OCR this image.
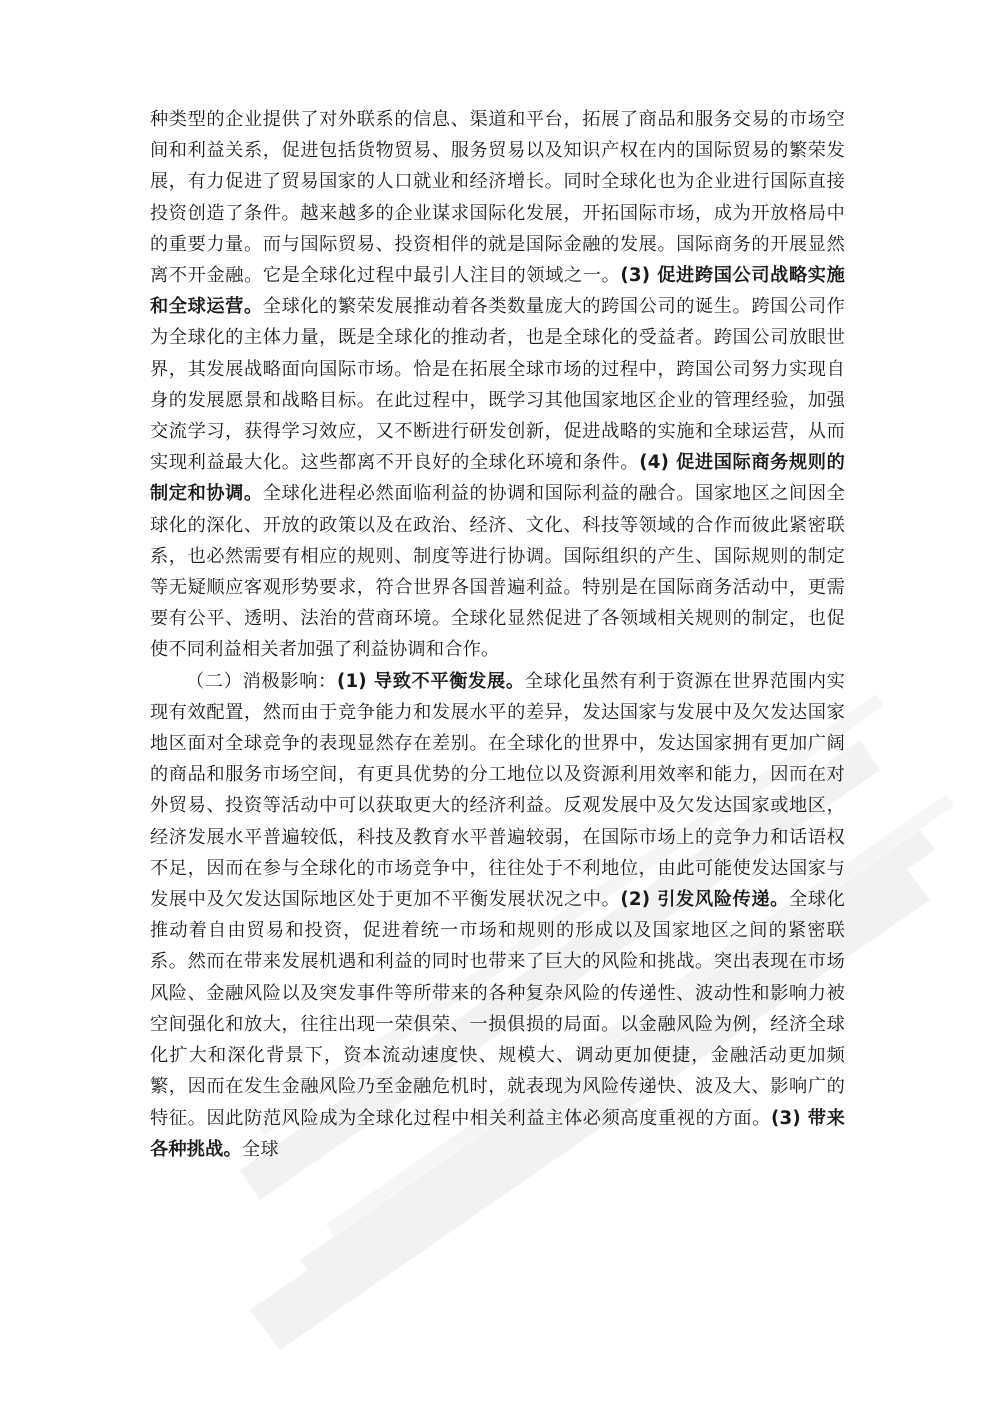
种类型的企业提供了对外联系的信息、渠道和平台，拓展了商品和服务交易的市场空间和利益关系，促进包括货物贸易、服务贸易以及知识产权在内的国际贸易的繁荣发展，有力促进了贸易国家的人口就业和经济增长。同时全球化也为企业进行国际直接投资创造了条件。越来越多的企业谋求国际化发展，开拓国际市场，成为开放格局中的重要力量。而与国际贸易、投资相伴的就是国际金融的发展。国际商务的开展显然离不开金融。它是全球化过程中最引人注目的领域之一。(3) 促进跨国公司战略实施和全球运营。全球化的繁荣发展推动着各类数量庞大的跨国公司的诞生。跨国公司作为全球化的主体力量，既是全球化的推动者，也是全球化的受益者。跨国公司放眼世界，其发展战略面向国际市场。恰是在拓展全球市场的过程中，跨国公司努力实现自身的发展愿景和战略目标。在此过程中，既学习其他国家地区企业的管理经验，加强交流学习，获得学习效应，又不断进行研发创新，促进战略的实施和全球运营，从而实现利益最大化。这些都离不开良好的全球化环境和条件。(4) 促进国际商务规则的制定和协调。全球化进程必然面临利益的协调和国际利益的融合。国家地区之间因全球化的深化、开放的政策以及在政治、经济、文化、科技等领域的合作而彼此紧密联系，也必然需要有相应的规则、制度等进行协调。国际组织的产生、国际规则的制定等无疑顺应客观形势要求，符合世界各国普遍利益。特别是在国际商务活动中，更需要有公平、透明、法治的营商环境。全球化显然促进了各领域相关规则的制定，也促使不同利益相关者加强了利益协调和合作。

（二）消极影响：(1) 导致不平衡发展。全球化虽然有利于资源在世界范围内实现有效配置，然而由于竞争能力和发展水平的差异，发达国家与发展中及欠发达国家地区面对全球竞争的表现显然存在差别。在全球化的世界中，发达国家拥有更加广阔的商品和服务市场空间，有更具优势的分工地位以及资源利用效率和能力，因而在对外贸易、投资等活动中可以获取更大的经济利益。反观发展中及欠发达国家或地区，经济发展水平普遍较低，科技及教育水平普遍较弱，在国际市场上的竞争力和话语权不足，因而在参与全球化的市场竞争中，往往处于不利地位，由此可能使发达国家与发展中及欠发达国际地区处于更加不平衡发展状况之中。(2) 引发风险传递。全球化推动着自由贸易和投资，促进着统一市场和规则的形成以及国家地区之间的紧密联系。然而在带来发展机遇和利益的同时也带来了巨大的风险和挑战。突出表现在市场风险、金融风险以及突发事件等所带来的各种复杂风险的传递性、波动性和影响力被空间强化和放大，往往出现一荣俱荣、一损俱损的局面。以金融风险为例，经济全球化扩大和深化背景下，资本流动速度快、规模大、调动更加便捷，金融活动更加频繁，因而在发生金融风险乃至金融危机时，就表现为风险传递快、波及大、影响广的特征。因此防范风险成为全球化过程中相关利益主体必须高度重视的方面。(3) 带来各种挑战。全球
